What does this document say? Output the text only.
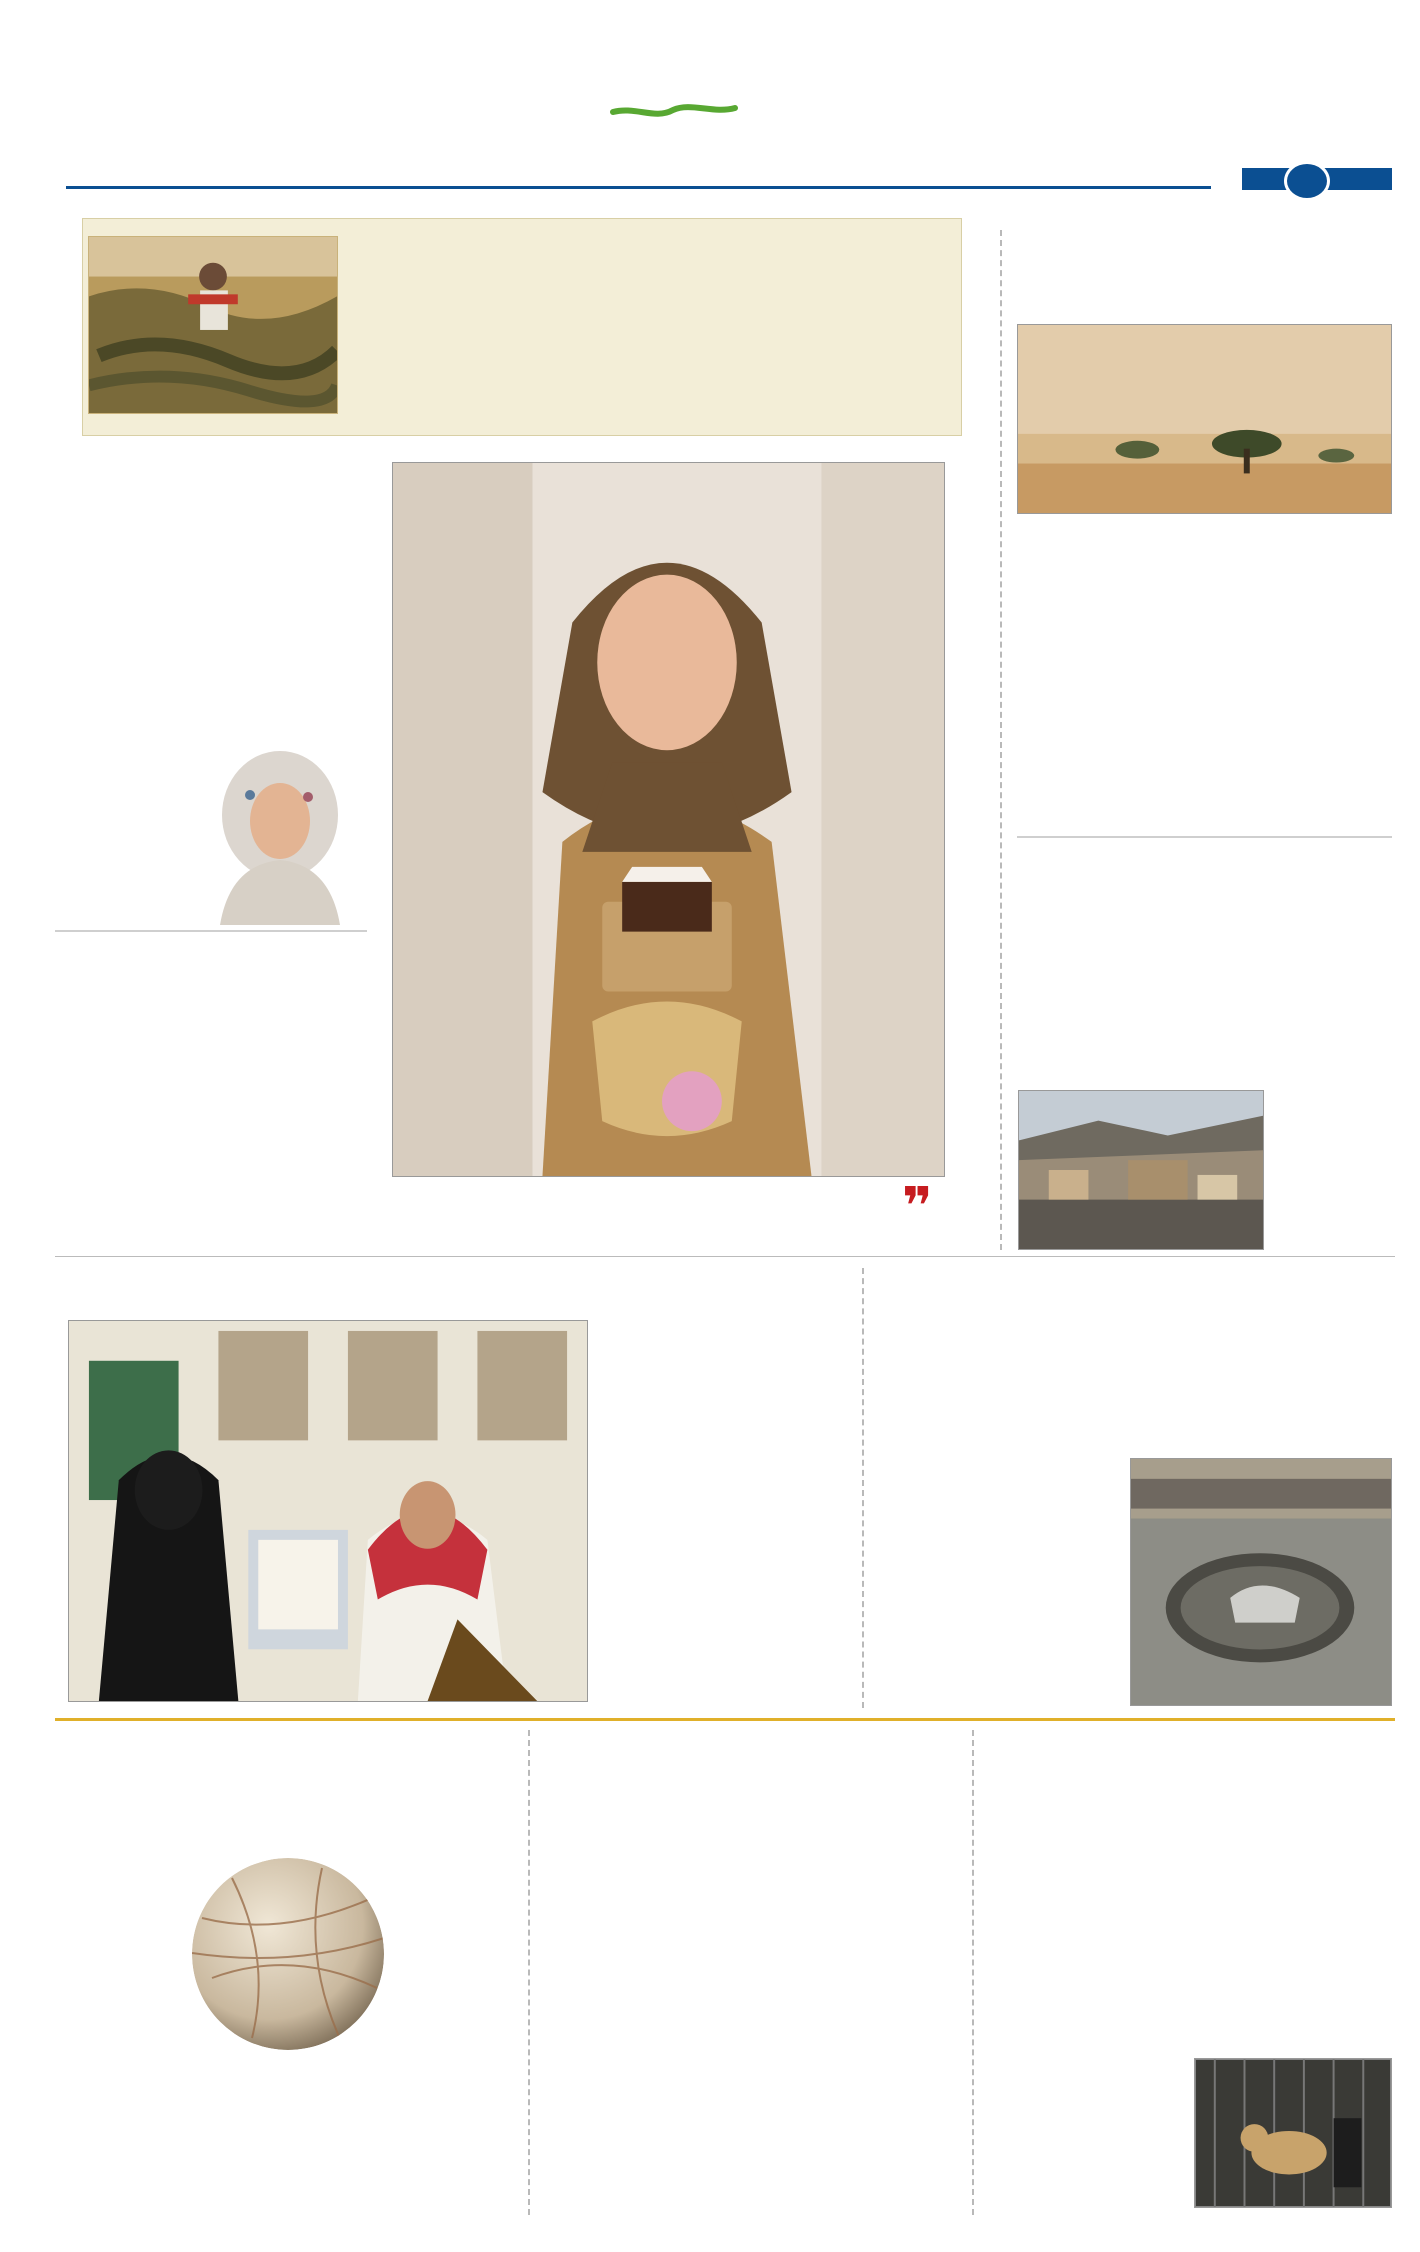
❞
